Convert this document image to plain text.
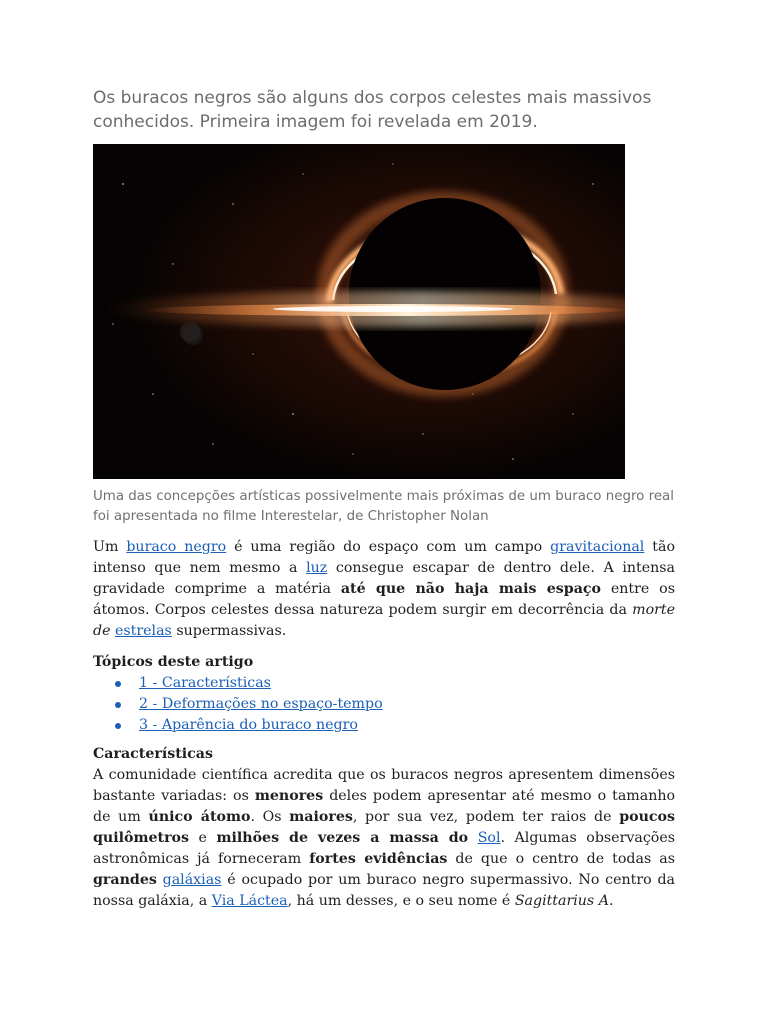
Os buracos negros são alguns dos corpos celestes mais massivos conhecidos. Primeira imagem foi revelada em 2019.

Uma das concepções artísticas possivelmente mais próximas de um buraco negro real foi apresentada no filme Interestelar, de Christopher Nolan
Um buraco negro é uma região do espaço com um campo gravitacional tão intenso que nem mesmo a luz consegue escapar de dentro dele. A intensa gravidade comprime a matéria até que não haja mais espaço entre os átomos. Corpos celestes dessa natureza podem surgir em decorrência da morte de estrelas supermassivas.
Tópicos deste artigo
1 - Características
2 - Deformações no espaço-tempo
3 - Aparência do buraco negro
Características
A comunidade científica acredita que os buracos negros apresentem dimensões bastante variadas: os menores deles podem apresentar até mesmo o tamanho de um único átomo. Os maiores, por sua vez, podem ter raios de poucos quilômetros e milhões de vezes a massa do Sol. Algumas observações astronômicas já forneceram fortes evidências de que o centro de todas as grandes galáxias é ocupado por um buraco negro supermassivo. No centro da nossa galáxia, a Via Láctea, há um desses, e o seu nome é Sagittarius A.
